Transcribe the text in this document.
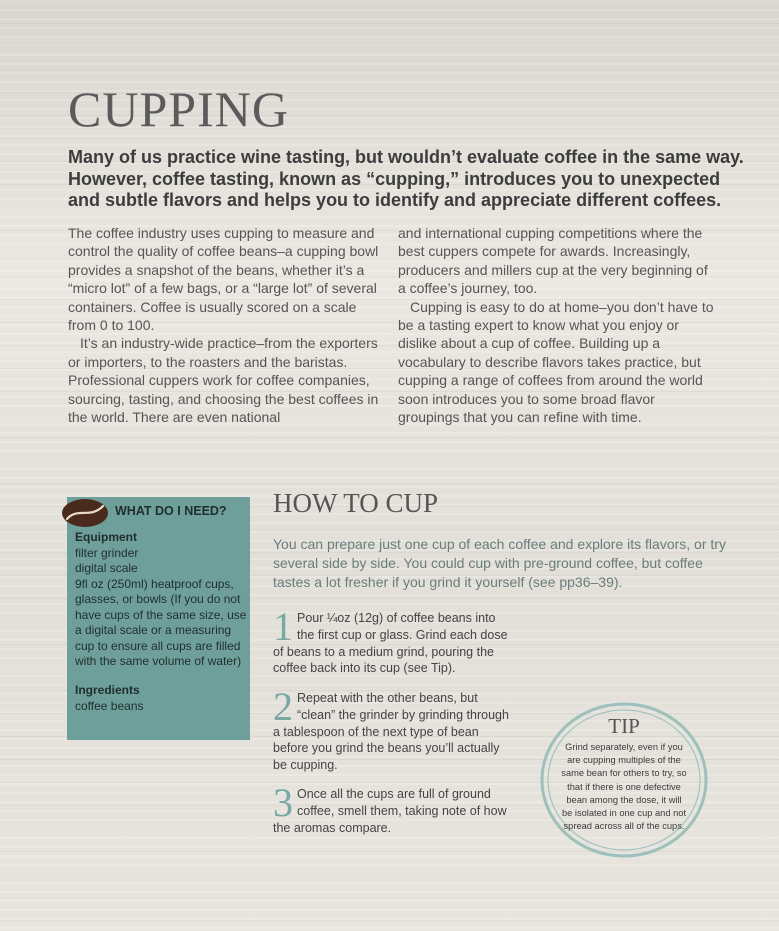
CUPPING

Many of us practice wine tasting, but wouldn’t evaluate coffee in the same way. However, coffee tasting, known as “cupping,” introduces you to unexpected and subtle flavors and helps you to identify and appreciate different coffees.

The coffee industry uses cupping to measure and control the quality of coffee beans–a cupping bowl provides a snapshot of the beans, whether it’s a “micro lot” of a few bags, or a “large lot” of several containers. Coffee is usually scored on a scale from 0 to 100.

It’s an industry-wide practice–from the exporters or importers, to the roasters and the baristas. Professional cuppers work for coffee companies, sourcing, tasting, and choosing the best coffees in the world. There are even national

and international cupping competitions where the best cuppers compete for awards. Increasingly, producers and millers cup at the very beginning of a coffee’s journey, too.

Cupping is easy to do at home–you don’t have to be a tasting expert to know what you enjoy or dislike about a cup of coffee. Building up a vocabulary to describe flavors takes practice, but cupping a range of coffees from around the world soon introduces you to some broad flavor groupings that you can refine with time.

WHAT DO I NEED?

Equipment

filter grinder

digital scale

9fl oz (250ml) heatproof cups, glasses, or bowls (If you do not have cups of the same size, use a digital scale or a measuring cup to ensure all cups are filled with the same volume of water)

Ingredients

coffee beans

HOW TO CUP

You can prepare just one cup of each coffee and explore its flavors, or try several side by side. You could cup with pre-ground coffee, but coffee tastes a lot fresher if you grind it yourself (see pp36–39).

1 Pour ¼oz (12g) of coffee beans into the first cup or glass. Grind each dose of beans to a medium grind, pouring the coffee back into its cup (see Tip).

2 Repeat with the other beans, but “clean” the grinder by grinding through a tablespoon of the next type of bean before you grind the beans you’ll actually be cupping.

3 Once all the cups are full of ground coffee, smell them, taking note of how the aromas compare.

TIP
Grind separately, even if you are cupping multiples of the same bean for others to try, so that if there is one defective bean among the dose, it will be isolated in one cup and not spread across all of the cups.
